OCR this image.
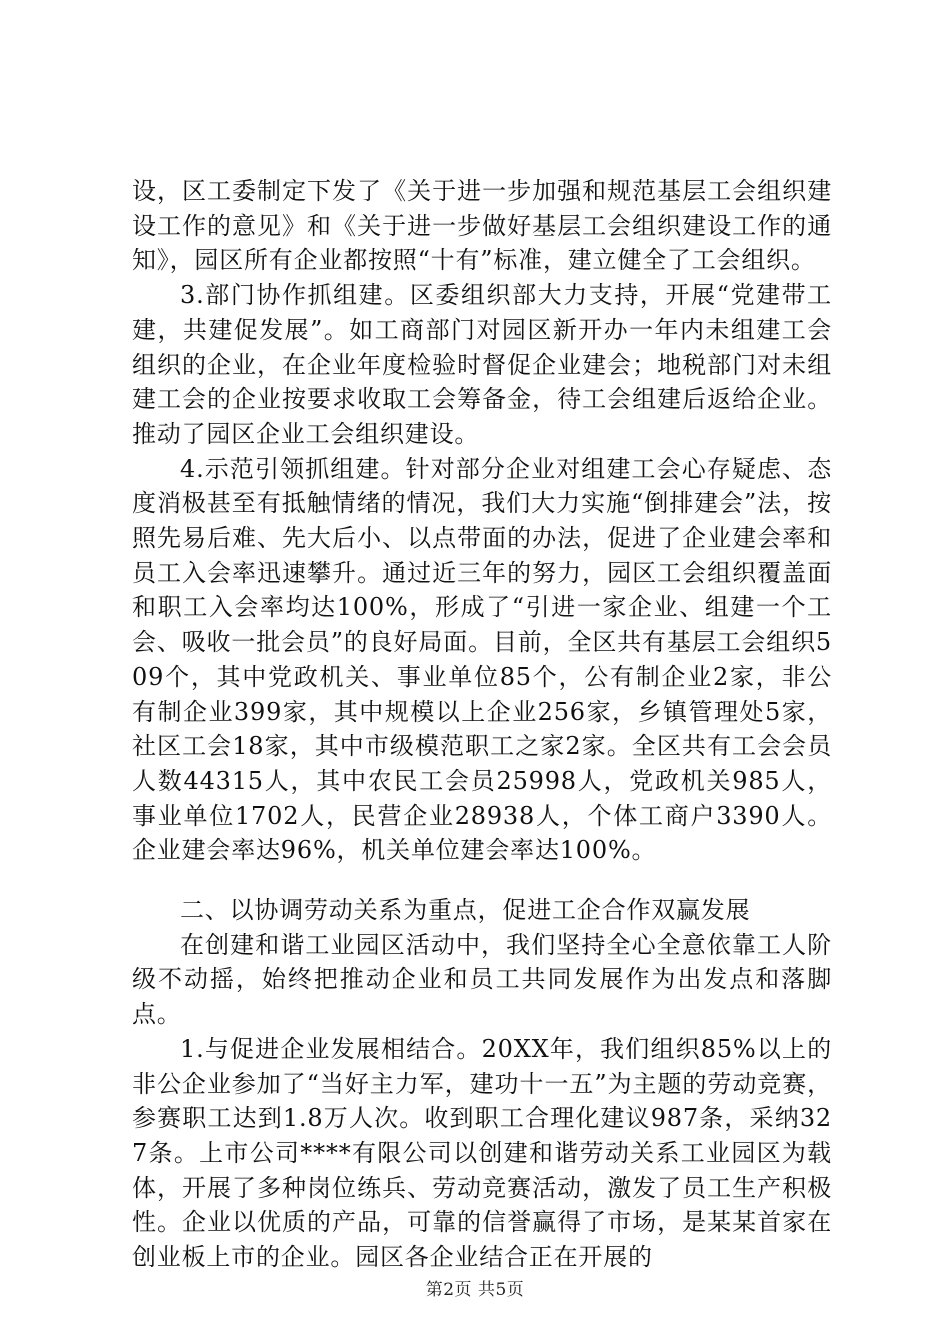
设，区工委制定下发了《关于进一步加强和规范基层工会组织建设工作的意见》和《关于进一步做好基层工会组织建设工作的通知》，园区所有企业都按照“十有”标准，建立健全了工会组织。

3.部门协作抓组建。区委组织部大力支持，开展“党建带工建，共建促发展”。如工商部门对园区新开办一年内未组建工会组织的企业，在企业年度检验时督促企业建会；地税部门对未组建工会的企业按要求收取工会筹备金，待工会组建后返给企业。推动了园区企业工会组织建设。

4.示范引领抓组建。针对部分企业对组建工会心存疑虑、态度消极甚至有抵触情绪的情况，我们大力实施“倒排建会”法，按照先易后难、先大后小、以点带面的办法，促进了企业建会率和员工入会率迅速攀升。通过近三年的努力，园区工会组织覆盖面和职工入会率均达100%，形成了“引进一家企业、组建一个工会、吸收一批会员”的良好局面。目前，全区共有基层工会组织509个，其中党政机关、事业单位85个，公有制企业2家，非公有制企业399家，其中规模以上企业256家，乡镇管理处5家，社区工会18家，其中市级模范职工之家2家。全区共有工会会员人数44315人，其中农民工会员25998人，党政机关985人，事业单位1702人，民营企业28938人，个体工商户3390人。企业建会率达96%，机关单位建会率达100%。

二、以协调劳动关系为重点，促进工企合作双赢发展

在创建和谐工业园区活动中，我们坚持全心全意依靠工人阶级不动摇，始终把推动企业和员工共同发展作为出发点和落脚点。

1.与促进企业发展相结合。20XX年，我们组织85%以上的非公企业参加了“当好主力军，建功十一五”为主题的劳动竞赛，参赛职工达到1.8万人次。收到职工合理化建议987条，采纳327条。上市公司****有限公司以创建和谐劳动关系工业园区为载体，开展了多种岗位练兵、劳动竞赛活动，激发了员工生产积极性。企业以优质的产品，可靠的信誉赢得了市场，是某某首家在创业板上市的企业。园区各企业结合正在开展的

第2页 共5页
